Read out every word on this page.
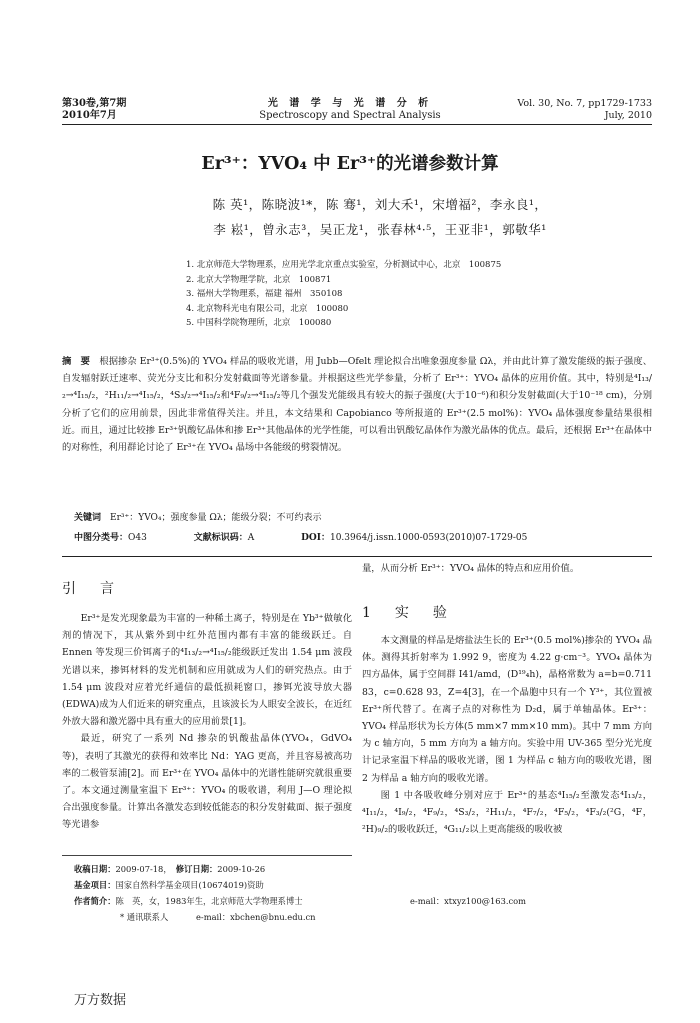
第30卷,第7期
2010年7月
光 谱 学 与 光 谱 分 析
Spectroscopy and Spectral Analysis
Vol. 30, No. 7, pp1729-1733
July, 2010
Er³⁺：YVO₄ 中 Er³⁺的光谱参数计算
陈 英¹，陈晓波¹*，陈 骞¹，刘大禾¹，宋增福²，李永良¹，
李 崧¹，曾永志³，吴正龙¹，张春林⁴·⁵，王亚非¹，郭敬华¹
1. 北京师范大学物理系，应用光学北京重点实验室，分析测试中心，北京　100875
2. 北京大学物理学院，北京　100871
3. 福州大学物理系，福建 福州　350108
4. 北京物科光电有限公司，北京　100080
5. 中国科学院物理所，北京　100080
摘　要　 根据掺杂 Er³⁺(0.5%)的 YVO₄ 样品的吸收光谱，用 Jubb—Ofelt 理论拟合出唯象强度参量 Ωλ，并由此计算了激发能级的振子强度、自发辐射跃迁速率、荧光分支比和积分发射截面等光谱参量。并根据这些光学参量，分析了 Er³⁺：YVO₄ 晶体的应用价值。其中，特别是⁴I₁₃/₂→⁴I₁₅/₂，²H₁₁/₂→⁴I₁₅/₂，⁴S₃/₂→⁴I₁₅/₂和⁴F₉/₂→⁴I₁₅/₂等几个强发光能级具有较大的振子强度(大于10⁻⁶)和积分发射截面(大于10⁻¹⁸ cm)，分别分析了它们的应用前景，因此非常值得关注。并且，本文结果和 Capobianco 等所报道的 Er³⁺(2.5 mol%)：YVO₄ 晶体强度参量结果很相近。而且，通过比较掺 Er³⁺钒酸钇晶体和掺 Er³⁺其他晶体的光学性能，可以看出钒酸钇晶体作为激光晶体的优点。最后，还根据 Er³⁺在晶体中的对称性，利用群论讨论了 Er³⁺在 YVO₄ 晶场中各能级的劈裂情况。
关键词　 Er³⁺：YVO₄；强度参量 Ωλ；能级分裂；不可约表示
中图分类号：O43	文献标识码：A	DOI：10.3964/j.issn.1000-0593(2010)07-1729-05
引　言

Er³⁺是发光现象最为丰富的一种稀土离子，特别是在 Yb³⁺做敏化剂的情况下，其从紫外到中红外范围内都有丰富的能级跃迁。自 Ennen 等发现三价铒离子的⁴I₁₃/₂→⁴I₁₅/₂能级跃迁发出 1.54 μm 波段光谱以来，掺铒材料的发光机制和应用就成为人们的研究热点。由于 1.54 μm 波段对应着光纤通信的最低损耗窗口，掺铒光波导放大器(EDWA)成为人们近来的研究重点，且该波长为人眼安全波长，在近红外放大器和激光器中具有重大的应用前景[1]。

最近，研究了一系列 Nd 掺杂的钒酸盐晶体(YVO₄，GdVO₄ 等)，表明了其激光的获得和效率比 Nd：YAG 更高，并且容易被高功率的二极管泵浦[2]。而 Er³⁺在 YVO₄ 晶体中的光谱性能研究就很重要了。本文通过测量室温下 Er³⁺：YVO₄ 的吸收谱，利用 J—O 理论拟合出强度参量。计算出各激发态到较低能态的积分发射截面、振子强度等光谱参

量，从而分析 Er³⁺：YVO₄ 晶体的特点和应用价值。
1　实　验

本文测量的样品是熔盐法生长的 Er³⁺(0.5 mol%)掺杂的 YVO₄ 晶体。测得其折射率为 1.992 9，密度为 4.22 g·cm⁻³。YVO₄ 晶体为四方晶体，属于空间群 I41/amd，(D¹⁹₄h)，晶格常数为 a=b=0.711 83，c=0.628 93，Z=4[3]，在一个晶胞中只有一个 Y³⁺，其位置被 Er³⁺所代替了。在离子点的对称性为 D₂d，属于单轴晶体。Er³⁺：YVO₄ 样品形状为长方体(5 mm×7 mm×10 mm)。其中 7 mm 方向为 c 轴方向，5 mm 方向为 a 轴方向。实验中用 UV-365 型分光光度计记录室温下样品的吸收光谱，图 1 为样品 c 轴方向的吸收光谱，图 2 为样品 a 轴方向的吸收光谱。

图 1 中各吸收峰分别对应于 Er³⁺的基态⁴I₁₅/₂至激发态⁴I₁₃/₂，⁴I₁₁/₂，⁴I₉/₂，⁴F₉/₂，⁴S₃/₂，²H₁₁/₂，⁴F₇/₂，⁴F₅/₂，⁴F₃/₂(²G，⁴F，²H)₉/₂的吸收跃迁，⁴G₁₁/₂以上更高能级的吸收被

收稿日期：2009-07-18，　 修订日期：2009-10-26
基金项目：国家自然科学基金项目(10674019)资助
作者简介：陈　英，女，1983年生，北京师范大学物理系博士	e-mail：xtxyz100@163.com
* 通讯联系人	e-mail：xbchen@bnu.edu.cn
万方数据
